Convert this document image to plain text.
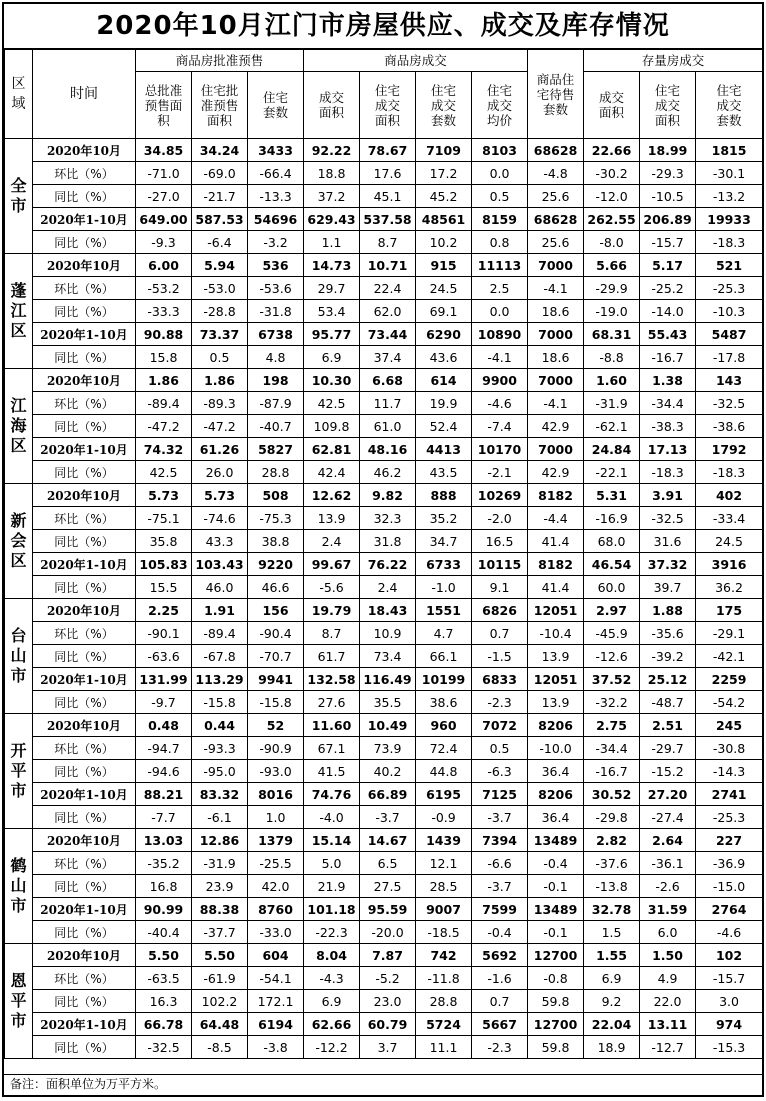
2020年10月江门市房屋供应、成交及库存情况
区域	时间	商品房批准预售			商品房成交				商品住宅待售套数	存量房成交		
		总批准预售面积	住宅批准预售面积	住宅套数	成交面积	住宅成交面积	住宅成交套数	住宅成交均价		成交面积	住宅成交面积	住宅成交套数
全市	2020年10月	34.85	34.24	3433	92.22	78.67	7109	8103	68628	22.66	18.99	1815
	环比（%）	-71.0	-69.0	-66.4	18.8	17.6	17.2	0.0	-4.8	-30.2	-29.3	-30.1
	同比（%）	-27.0	-21.7	-13.3	37.2	45.1	45.2	0.5	25.6	-12.0	-10.5	-13.2
	2020年1-10月	649.00	587.53	54696	629.43	537.58	48561	8159	68628	262.55	206.89	19933
	同比（%）	-9.3	-6.4	-3.2	1.1	8.7	10.2	0.8	25.6	-8.0	-15.7	-18.3
蓬江区	2020年10月	6.00	5.94	536	14.73	10.71	915	11113	7000	5.66	5.17	521
	环比（%）	-53.2	-53.0	-53.6	29.7	22.4	24.5	2.5	-4.1	-29.9	-25.2	-25.3
	同比（%）	-33.3	-28.8	-31.8	53.4	62.0	69.1	0.0	18.6	-19.0	-14.0	-10.3
	2020年1-10月	90.88	73.37	6738	95.77	73.44	6290	10890	7000	68.31	55.43	5487
	同比（%）	15.8	0.5	4.8	6.9	37.4	43.6	-4.1	18.6	-8.8	-16.7	-17.8
江海区	2020年10月	1.86	1.86	198	10.30	6.68	614	9900	7000	1.60	1.38	143
	环比（%）	-89.4	-89.3	-87.9	42.5	11.7	19.9	-4.6	-4.1	-31.9	-34.4	-32.5
	同比（%）	-47.2	-47.2	-40.7	109.8	61.0	52.4	-7.4	42.9	-62.1	-38.3	-38.6
	2020年1-10月	74.32	61.26	5827	62.81	48.16	4413	10170	7000	24.84	17.13	1792
	同比（%）	42.5	26.0	28.8	42.4	46.2	43.5	-2.1	42.9	-22.1	-18.3	-18.3
新会区	2020年10月	5.73	5.73	508	12.62	9.82	888	10269	8182	5.31	3.91	402
	环比（%）	-75.1	-74.6	-75.3	13.9	32.3	35.2	-2.0	-4.4	-16.9	-32.5	-33.4
	同比（%）	35.8	43.3	38.8	2.4	31.8	34.7	16.5	41.4	68.0	31.6	24.5
	2020年1-10月	105.83	103.43	9220	99.67	76.22	6733	10115	8182	46.54	37.32	3916
	同比（%）	15.5	46.0	46.6	-5.6	2.4	-1.0	9.1	41.4	60.0	39.7	36.2
台山市	2020年10月	2.25	1.91	156	19.79	18.43	1551	6826	12051	2.97	1.88	175
	环比（%）	-90.1	-89.4	-90.4	8.7	10.9	4.7	0.7	-10.4	-45.9	-35.6	-29.1
	同比（%）	-63.6	-67.8	-70.7	61.7	73.4	66.1	-1.5	13.9	-12.6	-39.2	-42.1
	2020年1-10月	131.99	113.29	9941	132.58	116.49	10199	6833	12051	37.52	25.12	2259
	同比（%）	-9.7	-15.8	-15.8	27.6	35.5	38.6	-2.3	13.9	-32.2	-48.7	-54.2
开平市	2020年10月	0.48	0.44	52	11.60	10.49	960	7072	8206	2.75	2.51	245
	环比（%）	-94.7	-93.3	-90.9	67.1	73.9	72.4	0.5	-10.0	-34.4	-29.7	-30.8
	同比（%）	-94.6	-95.0	-93.0	41.5	40.2	44.8	-6.3	36.4	-16.7	-15.2	-14.3
	2020年1-10月	88.21	83.32	8016	74.76	66.89	6195	7125	8206	30.52	27.20	2741
	同比（%）	-7.7	-6.1	1.0	-4.0	-3.7	-0.9	-3.7	36.4	-29.8	-27.4	-25.3
鹤山市	2020年10月	13.03	12.86	1379	15.14	14.67	1439	7394	13489	2.82	2.64	227
	环比（%）	-35.2	-31.9	-25.5	5.0	6.5	12.1	-6.6	-0.4	-37.6	-36.1	-36.9
	同比（%）	16.8	23.9	42.0	21.9	27.5	28.5	-3.7	-0.1	-13.8	-2.6	-15.0
	2020年1-10月	90.99	88.38	8760	101.18	95.59	9007	7599	13489	32.78	31.59	2764
	同比（%）	-40.4	-37.7	-33.0	-22.3	-20.0	-18.5	-0.4	-0.1	1.5	6.0	-4.6
恩平市	2020年10月	5.50	5.50	604	8.04	7.87	742	5692	12700	1.55	1.50	102
	环比（%）	-63.5	-61.9	-54.1	-4.3	-5.2	-11.8	-1.6	-0.8	6.9	4.9	-15.7
	同比（%）	16.3	102.2	172.1	6.9	23.0	28.8	0.7	59.8	9.2	22.0	3.0
	2020年1-10月	66.78	64.48	6194	62.66	60.79	5724	5667	12700	22.04	13.11	974
	同比（%）	-32.5	-8.5	-3.8	-12.2	3.7	11.1	-2.3	59.8	18.9	-12.7	-15.3
备注：面积单位为万平方米。
